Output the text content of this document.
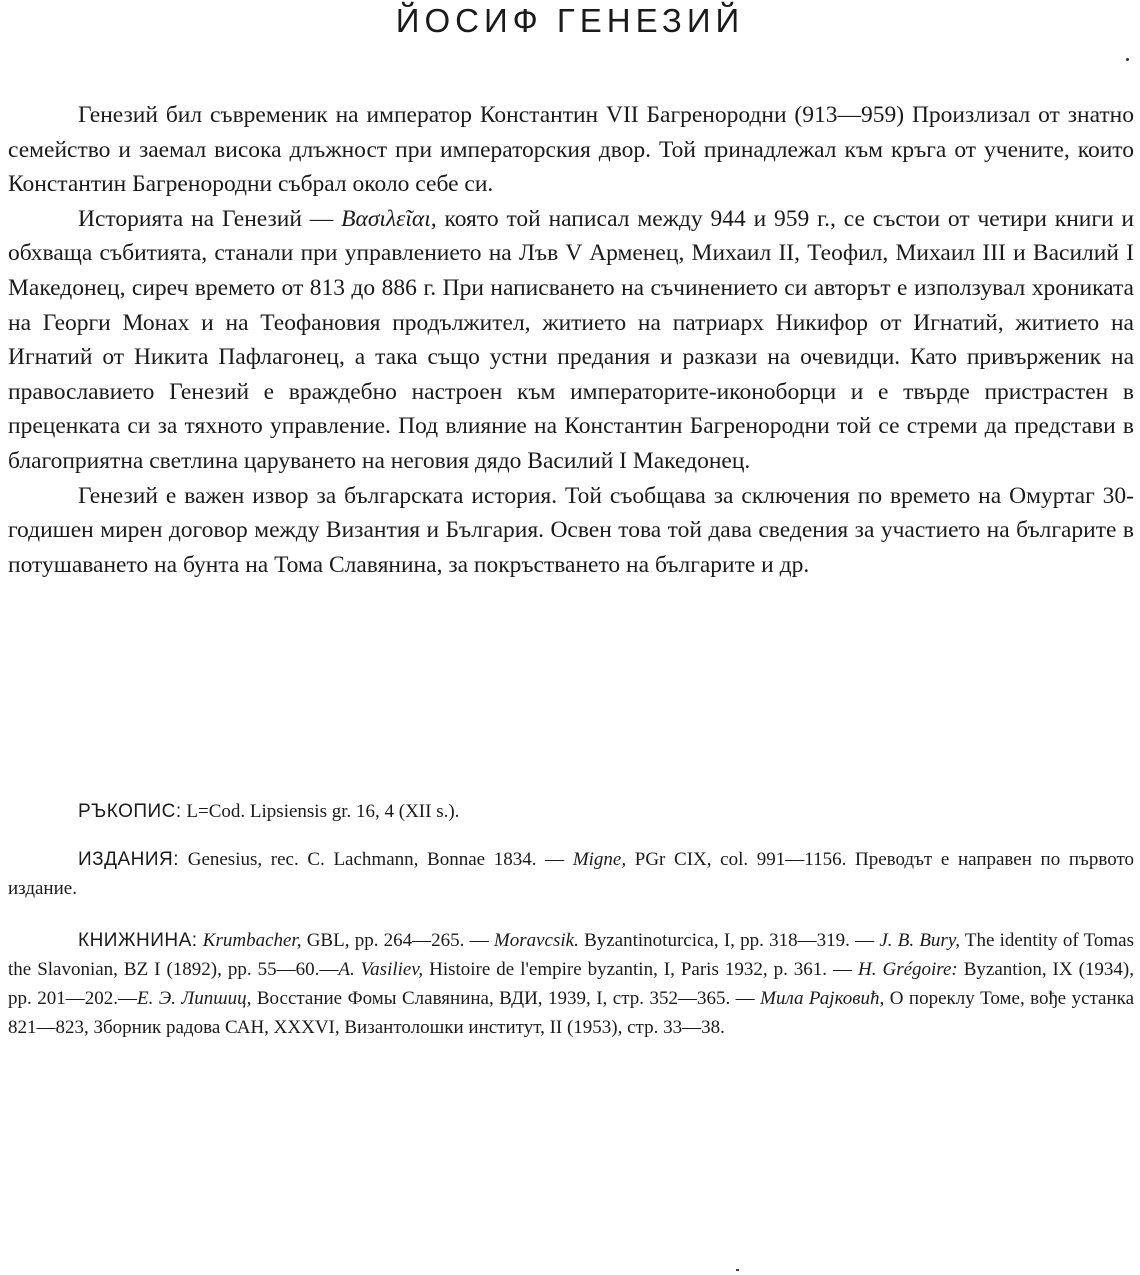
ЙОСИФ ГЕНЕЗИЙ

Генезий бил съвременик на император Константин VII Багренородни (913—959) Произлизал от знатно семейство и заемал висока длъжност при императорския двор. Той принадлежал към кръга от учените, които Константин Багренородни събрал около себе си.

Историята на Генезий — Βασιλεῖαι, която той написал между 944 и 959 г., се състои от четири книги и обхваща събитията, станали при управлението на Лъв V Арменец, Михаил II, Теофил, Михаил III и Василий I Македонец, сиреч времето от 813 до 886 г. При написването на съчинението си авторът е използувал хрониката на Георги Монах и на Теофановия продължител, житието на патриарх Никифор от Игнатий, житието на Игнатий от Никита Пафлагонец, а така също устни предания и разкази на очевидци. Като привърженик на православието Генезий е враждебно настроен към императорите-иконоборци и е твърде пристрастен в преценката си за тяхното управление. Под влияние на Константин Багренородни той се стреми да представи в благоприятна светлина царуването на неговия дядо Василий I Македонец.

Генезий е важен извор за българската история. Той съобщава за сключения по времето на Омуртаг 30-годишен мирен договор между Византия и България. Освен това той дава сведения за участието на българите в потушаването на бунта на Тома Славянина, за покръстването на българите и др.

РЪКОПИС: L=Cod. Lipsiensis gr. 16, 4 (XII s.).

ИЗДАНИЯ: Genesius, rec. C. Lachmann, Bonnae 1834. — Migne, PGr CIX, col. 991—1156. Преводът е направен по първото издание.

КНИЖНИНА: Krumbacher, GBL, pp. 264—265. — Moravcsik. Byzantinoturcica, I, pp. 318—319. — J. B. Bury, The identity of Tomas the Slavonian, BZ I (1892), pp. 55—60.—A. Vasiliev, Histoire de l'empire byzantin, I, Paris 1932, p. 361. — H. Grégoire: Byzantion, IX (1934), pp. 201—202.—Е. Э. Липшиц, Восстание Фомы Славянина, ВДИ, 1939, I, стр. 352—365. — Мила Рајковић, О пореклу Томе, вође устанка 821—823, Зборник радова САН, XXXVI, Византолошки институт, II (1953), стр. 33—38.
